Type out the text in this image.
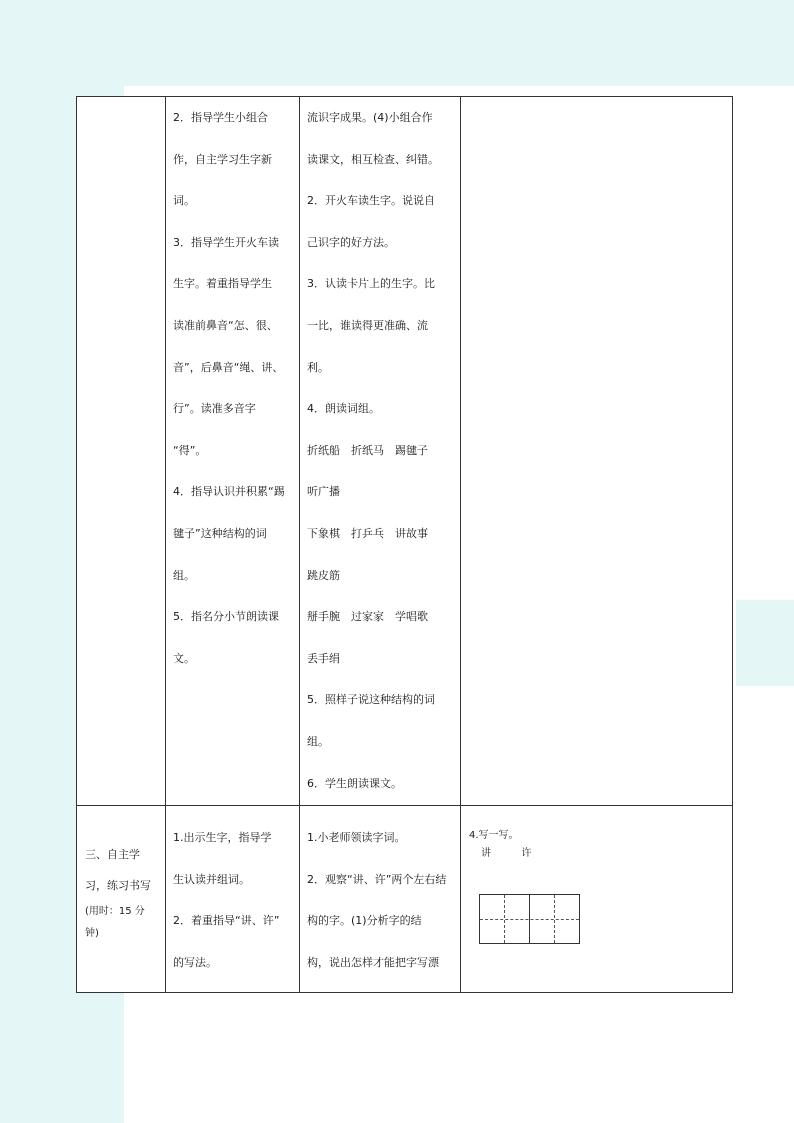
2．指导学生小组合

作，自主学习生字新

词。

3．指导学生开火车读

生字。着重指导学生

读准前鼻音“怎、很、

音”，后鼻音“绳、讲、

行”。读准多音字

“得”。

4．指导认识并积累“踢

毽子”这种结构的词

组。

5．指名分小节朗读课

文。

流识字成果。(4)小组合作

读课文，相互检查、纠错。

2．开火车读生字。说说自

己识字的好方法。

3．认读卡片上的生字。比

一比，谁读得更准确、流

利。

4．朗读词组。

折纸船　折纸马　踢毽子

听广播

下象棋　打乒乓　讲故事

跳皮筋

掰手腕　过家家　学唱歌

丢手绢

5．照样子说这种结构的词

组。

6．学生朗读课文。

三、自主学

习，练习书写

(用时：15 分

钟)

1.出示生字，指导学

生认读并组词。

2．着重指导“讲、许”

的写法。

1.小老师领读字词。

2．观察“讲、许”两个左右结

构的字。(1)分析字的结

构，说出怎样才能把字写漂

4.写一写。

讲	许
